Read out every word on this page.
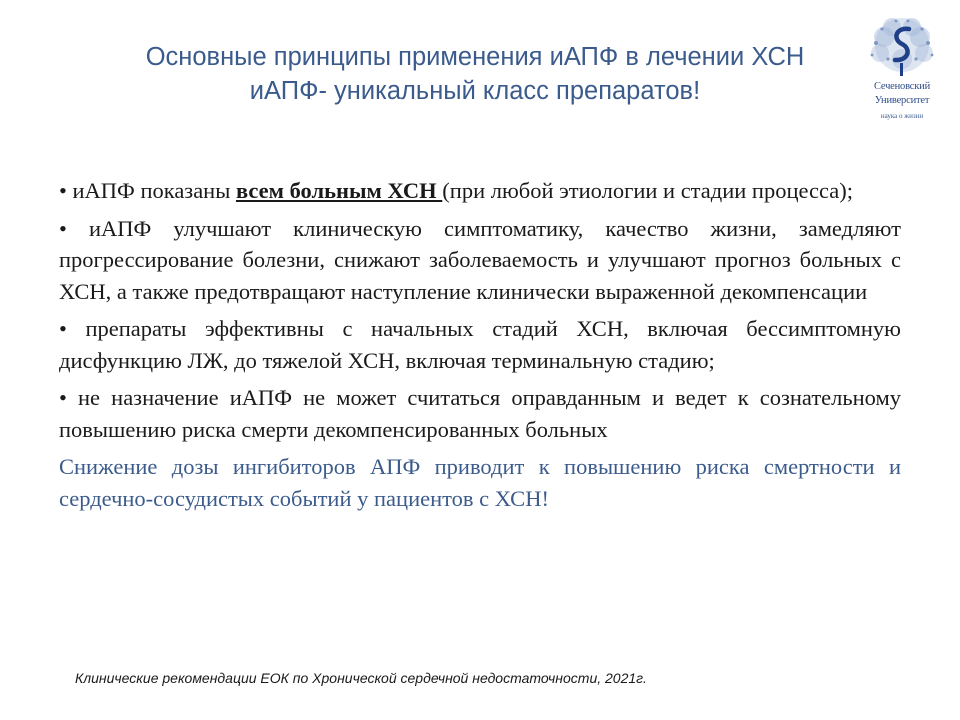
Основные принципы применения иАПФ в лечении ХСН
иАПФ- уникальный класс препаратов!	Сеченовский
Университет
наука о жизни

• иАПФ показаны всем больным ХСН (при любой этиологии и стадии процесса);

• иАПФ улучшают клиническую симптоматику, качество жизни, замедляют прогрессирование болезни, снижают заболеваемость и улучшают прогноз больных с ХСН, а также предотвращают наступление клинически выраженной декомпенсации

• препараты эффективны с начальных стадий ХСН, включая бессимптомную дисфункцию ЛЖ, до тяжелой ХСН, включая терминальную стадию;

• не назначение иАПФ не может считаться оправданным и ведет к сознательному повышению риска смерти декомпенсированных больных

Снижение дозы ингибиторов АПФ приводит к повышению риска смертности и сердечно-сосудистых событий у пациентов с ХСН!

Клинические рекомендации ЕОК по Хронической сердечной недостаточности, 2021г.
